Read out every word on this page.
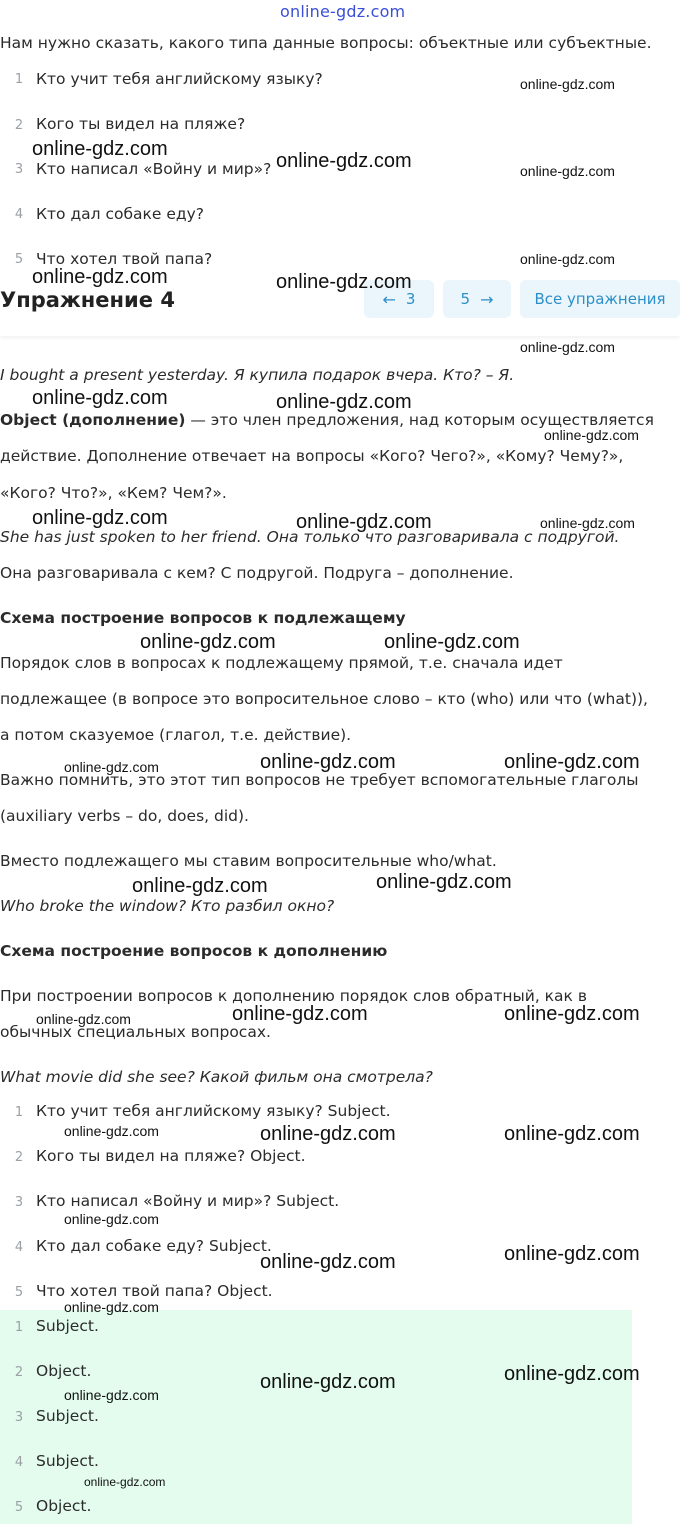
online-gdz.com
Нам нужно сказать, какого типа данные вопросы: объектные или субъектные.
1 Кто учит тебя английскому языку?
2 Кого ты видел на пляже?
3 Кто написал «Войну и мир»?
4 Кто дал собаке еду?
5 Что хотел твой папа?
Упражнение 4	← 3	5 →	Все упражнения
I bought a present yesterday. Я купила подарок вчера. Кто? – Я.
Object (дополнение) — это член предложения, над которым осуществляется
действие. Дополнение отвечает на вопросы «Кого? Чего?», «Кому? Чему?»,
«Кого? Что?», «Кем? Чем?».
She has just spoken to her friend. Она только что разговаривала с подругой.
Она разговаривала с кем? С подругой. Подруга – дополнение.
Схема построение вопросов к подлежащему
Порядок слов в вопросах к подлежащему прямой, т.е. сначала идет
подлежащее (в вопросе это вопросительное слово – кто (who) или что (what)),
а потом сказуемое (глагол, т.е. действие).
Важно помнить, это этот тип вопросов не требует вспомогательные глаголы
(auxiliary verbs – do, does, did).
Вместо подлежащего мы ставим вопросительные who/what.
Who broke the window? Кто разбил окно?
Схема построение вопросов к дополнению
При построении вопросов к дополнению порядок слов обратный, как в
обычных специальных вопросах.
What movie did she see? Какой фильм она смотрела?
1 Кто учит тебя английскому языку? Subject.
2 Кого ты видел на пляже? Object.
3 Кто написал «Войну и мир»? Subject.
4 Кто дал собаке еду? Subject.
5 Что хотел твой папа? Object.
1 Subject.
2 Object.
3 Subject.
4 Subject.
5 Object.
online-gdz.com
online-gdz.com
online-gdz.com	online-gdz.com
online-gdz.com
online-gdz.com	online-gdz.com
online-gdz.com
online-gdz.com	online-gdz.com
online-gdz.com
online-gdz.com	online-gdz.com	online-gdz.com
online-gdz.com	online-gdz.com
online-gdz.com	online-gdz.com	online-gdz.com
online-gdz.com	online-gdz.com
online-gdz.com	online-gdz.com	online-gdz.com
online-gdz.com	online-gdz.com	online-gdz.com
online-gdz.com
online-gdz.com
online-gdz.com
online-gdz.com
online-gdz.com
online-gdz.com
online-gdz.com
online-gdz.com
